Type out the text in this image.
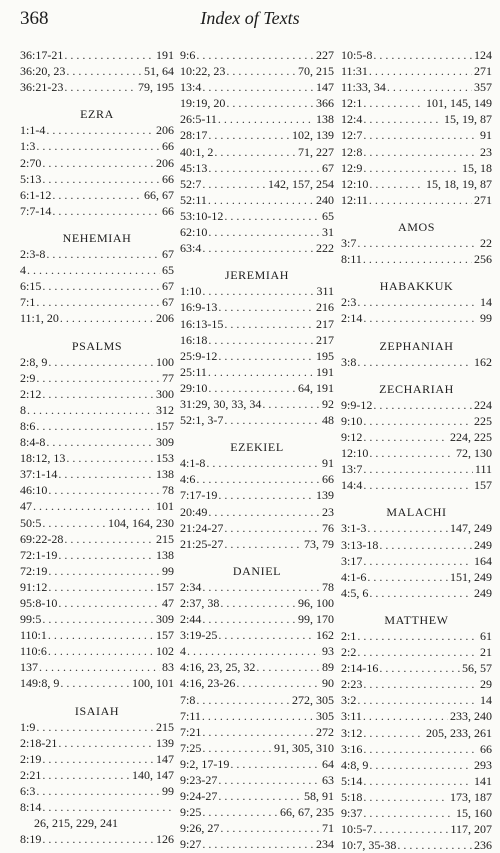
368	Index of Texts
36:17-21 . . .	191
36:20, 23 . . .	51, 64
36:21-23 . . .	79, 195
EZRA
1:1-4 . . .	206
1:3 . . .	66
2:70 . . .	206
5:13 . . .	66
6:1-12 . . .	66, 67
7:7-14 . . .	66
NEHEMIAH
2:3-8 . . .	67
4 . . .	65
6:15 . . .	67
7:1 . . .	67
11:1, 20 . . .	206
PSALMS
2:8, 9 . . .	100
2:9 . . .	77
2:12 . . .	300
8 . . .	312
8:6 . . .	157
8:4-8 . . .	309
18:12, 13 . . .	153
37:1-14 . . .	138
46:10 . . .	78
47 . . .	101
50:5 . . .	104, 164, 230
69:22-28 . . .	215
72:1-19 . . .	138
72:19 . . .	99
91:12 . . .	157
95:8-10 . . .	47
99:5 . . .	309
110:1 . . .	157
110:6 . . .	102
137 . . .	83
149:8, 9 . . .	100, 101
ISAIAH
1:9 . . .	215
2:18-21 . . .	139
2:19 . . .	147
2:21 . . .	140, 147
6:3 . . .	99
8:14
. . .
26, 215, 229, 241
8:19 . . .	126
9:6 . . .	227
10:22, 23 . . .	70, 215
13:4 . . .	147
19:19, 20 . . .	366
26:5-11 . . .	138
28:17 . . .	102, 139
40:1, 2 . . .	71, 227
45:13 . . .	67
52:7 . . .	142, 157, 254
52:11 . . .	240
53:10-12 . . .	65
62:10 . . .	31
63:4 . . .	222
JEREMIAH
1:10 . . .	311
16:9-13 . . .	216
16:13-15 . . .	217
16:18 . . .	217
25:9-12 . . .	195
25:11 . . .	191
29:10 . . .	64, 191
31:29, 30, 33, 34 . . .	92
52:1, 3-7 . . .	48
EZEKIEL
4:1-8 . . .	91
4:6 . . .	66
7:17-19 . . .	139
20:49 . . .	23
21:24-27 . . .	76
21:25-27 . . .	73, 79
DANIEL
2:34 . . .	78
2:37, 38 . . .	96, 100
2:44 . . .	99, 170
3:19-25 . . .	162
4 . . .	93
4:16, 23, 25, 32 . . .	89
4:16, 23-26 . . .	90
7:8 . . .	272, 305
7:11 . . .	305
7:21 . . .	272
7:25 . . .	91, 305, 310
9:2, 17-19 . . .	64
9:23-27 . . .	63
9:24-27 . . .	58, 91
9:25 . . .	66, 67, 235
9:26, 27 . . .	71
9:27 . . .	234
10:5-8 . . .	124
11:31 . . .	271
11:33, 34 . . .	357
12:1 . . .	101, 145, 149
12:4 . . .	15, 19, 87
12:7 . . .	91
12:8 . . .	23
12:9 . . .	15, 18
12:10 . . .	15, 18, 19, 87
12:11 . . .	271
AMOS
3:7 . . .	22
8:11 . . .	256
HABAKKUK
2:3 . . .	14
2:14 . . .	99
ZEPHANIAH
3:8 . . .	162
ZECHARIAH
9:9-12 . . .	224
9:10 . . .	225
9:12 . . .	224, 225
12:10 . . .	72, 130
13:7 . . .	111
14:4 . . .	157
MALACHI
3:1-3 . . .	147, 249
3:13-18 . . .	249
3:17 . . .	164
4:1-6 . . .	151, 249
4:5, 6 . . .	249
MATTHEW
2:1 . . .	61
2:2 . . .	21
2:14-16 . . .	56, 57
2:23 . . .	29
3:2 . . .	14
3:11 . . .	233, 240
3:12 . . .	205, 233, 261
3:16 . . .	66
4:8, 9 . . .	293
5:14 . . .	141
5:18 . . .	173, 187
9:37 . . .	15, 160
10:5-7 . . .	117, 207
10:7, 35-38 . . .	236
